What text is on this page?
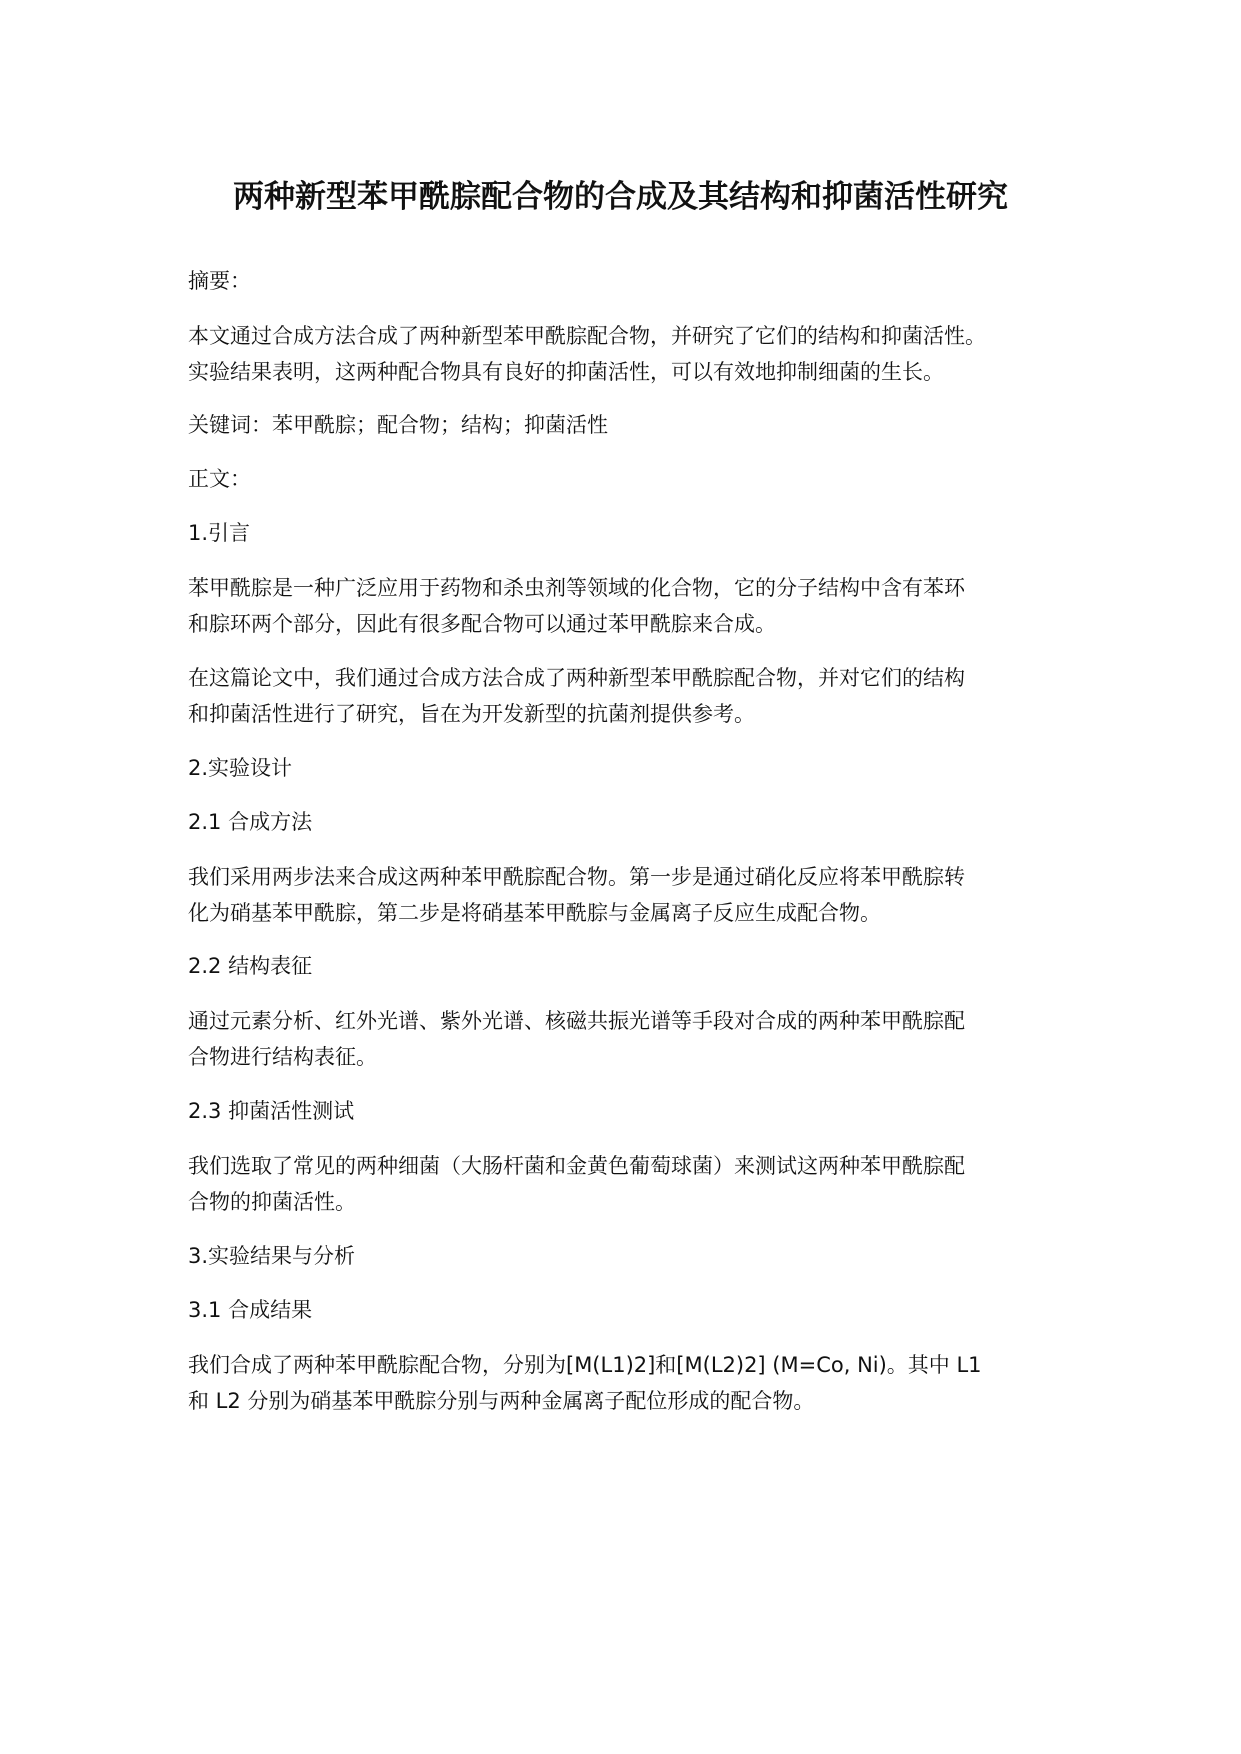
两种新型苯甲酰腙配合物的合成及其结构和抑菌活性研究
摘要：
本文通过合成方法合成了两种新型苯甲酰腙配合物，并研究了它们的结构和抑菌活性。
实验结果表明，这两种配合物具有良好的抑菌活性，可以有效地抑制细菌的生长。
关键词：苯甲酰腙；配合物；结构；抑菌活性
正文：
1.引言
苯甲酰腙是一种广泛应用于药物和杀虫剂等领域的化合物，它的分子结构中含有苯环
和腙环两个部分，因此有很多配合物可以通过苯甲酰腙来合成。
在这篇论文中，我们通过合成方法合成了两种新型苯甲酰腙配合物，并对它们的结构
和抑菌活性进行了研究，旨在为开发新型的抗菌剂提供参考。
2.实验设计
2.1 合成方法
我们采用两步法来合成这两种苯甲酰腙配合物。第一步是通过硝化反应将苯甲酰腙转
化为硝基苯甲酰腙，第二步是将硝基苯甲酰腙与金属离子反应生成配合物。
2.2 结构表征
通过元素分析、红外光谱、紫外光谱、核磁共振光谱等手段对合成的两种苯甲酰腙配
合物进行结构表征。
2.3 抑菌活性测试
我们选取了常见的两种细菌（大肠杆菌和金黄色葡萄球菌）来测试这两种苯甲酰腙配
合物的抑菌活性。
3.实验结果与分析
3.1 合成结果
我们合成了两种苯甲酰腙配合物，分别为[M(L1)2]和[M(L2)2] (M=Co, Ni)。其中 L1
和 L2 分别为硝基苯甲酰腙分别与两种金属离子配位形成的配合物。
